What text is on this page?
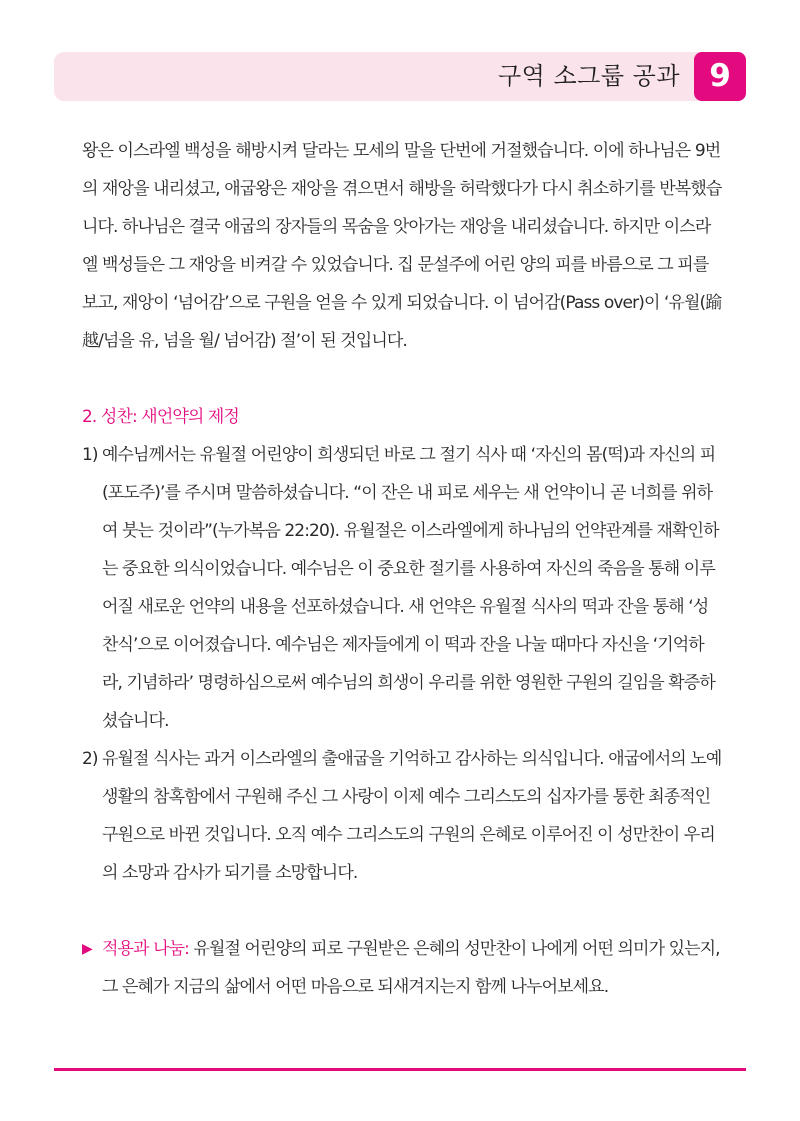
구역 소그룹 공과 9

왕은 이스라엘 백성을 해방시켜 달라는 모세의 말을 단번에 거절했습니다. 이에 하나님은 9번의 재앙을 내리셨고, 애굽왕은 재앙을 겪으면서 해방을 허락했다가 다시 취소하기를 반복했습니다. 하나님은 결국 애굽의 장자들의 목숨을 앗아가는 재앙을 내리셨습니다. 하지만 이스라엘 백성들은 그 재앙을 비켜갈 수 있었습니다. 집 문설주에 어린 양의 피를 바름으로 그 피를 보고, 재앙이 ‘넘어감’으로 구원을 얻을 수 있게 되었습니다. 이 넘어감(Pass over)이 ‘유월(踰越/넘을 유, 넘을 월/ 넘어감) 절’이 된 것입니다.

2. 성찬: 새언약의 제정

1) 예수님께서는 유월절 어린양이 희생되던 바로 그 절기 식사 때 ‘자신의 몸(떡)과 자신의 피(포도주)’를 주시며 말씀하셨습니다. “이 잔은 내 피로 세우는 새 언약이니 곧 너희를 위하여 붓는 것이라”(누가복음 22:20). 유월절은 이스라엘에게 하나님의 언약관계를 재확인하는 중요한 의식이었습니다. 예수님은 이 중요한 절기를 사용하여 자신의 죽음을 통해 이루어질 새로운 언약의 내용을 선포하셨습니다. 새 언약은 유월절 식사의 떡과 잔을 통해 ‘성찬식’으로 이어졌습니다. 예수님은 제자들에게 이 떡과 잔을 나눌 때마다 자신을 ‘기억하라, 기념하라’ 명령하심으로써 예수님의 희생이 우리를 위한 영원한 구원의 길임을 확증하셨습니다.
2) 유월절 식사는 과거 이스라엘의 출애굽을 기억하고 감사하는 의식입니다. 애굽에서의 노예생활의 참혹함에서 구원해 주신 그 사랑이 이제 예수 그리스도의 십자가를 통한 최종적인 구원으로 바뀐 것입니다. 오직 예수 그리스도의 구원의 은혜로 이루어진 이 성만찬이 우리의 소망과 감사가 되기를 소망합니다.
▶ 적용과 나눔: 유월절 어린양의 피로 구원받은 은혜의 성만찬이 나에게 어떤 의미가 있는지, 그 은혜가 지금의 삶에서 어떤 마음으로 되새겨지는지 함께 나누어보세요.
